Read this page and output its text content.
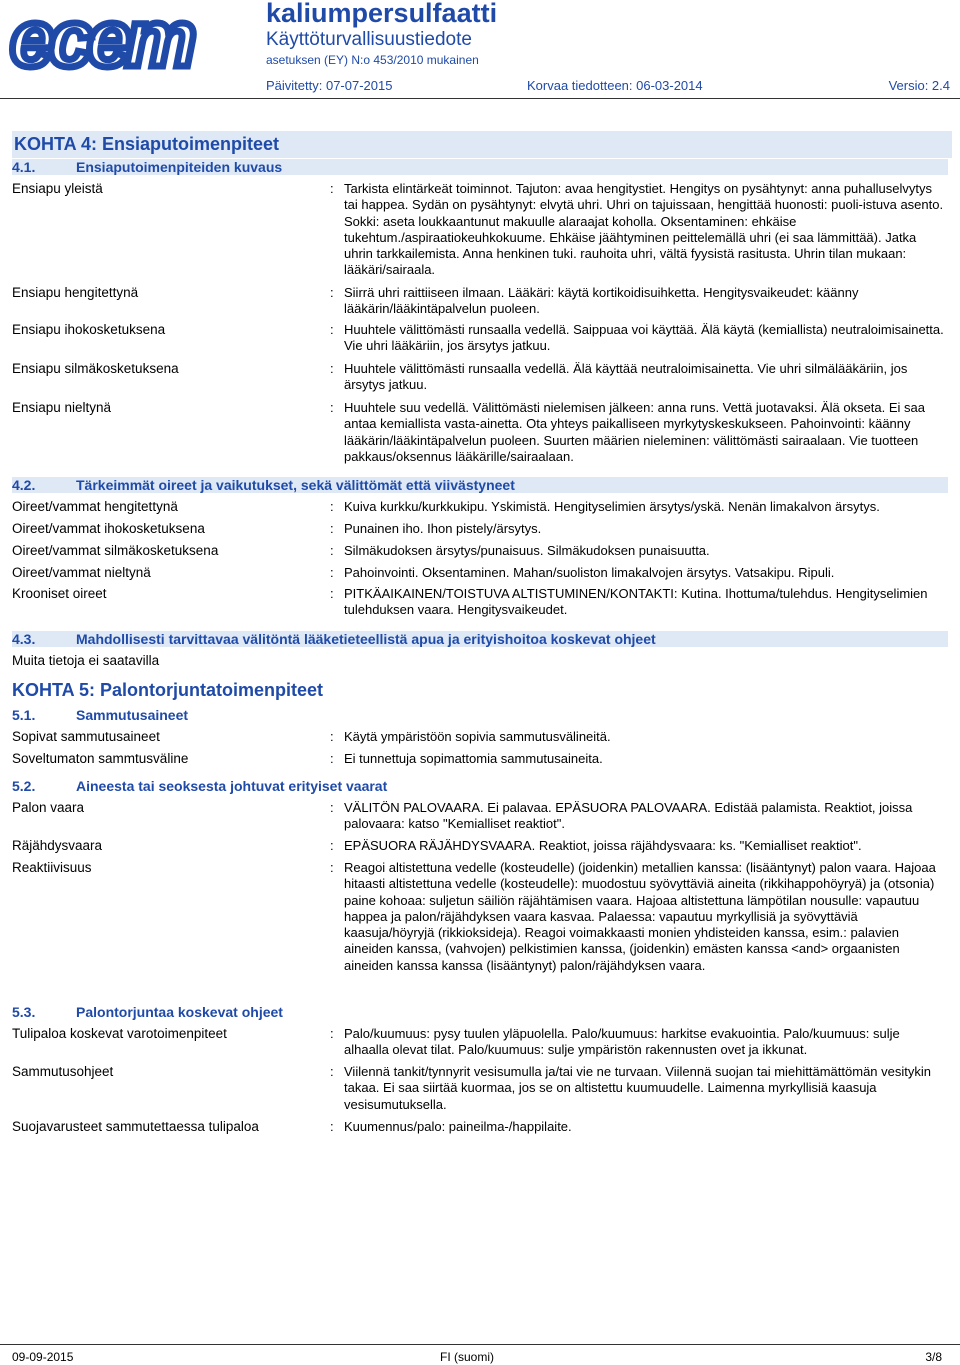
ecem	kaliumpersulfaatti
Käyttöturvallisuustiedote
asetuksen (EY) N:o 453/2010 mukainen
Päivitetty: 07-07-2015	Korvaa tiedotteen: 06-03-2014	Versio: 2.4
KOHTA 4: Ensiaputoimenpiteet
4.1.	Ensiaputoimenpiteiden kuvaus
Ensiapu yleistä	: Tarkista elintärkeät toiminnot. Tajuton: avaa hengitystiet. Hengitys on pysähtynyt: anna puhalluselvytys tai happea. Sydän on pysähtynyt: elvytä uhri. Uhri on tajuissaan, hengittää huonosti: puoli-istuva asento. Sokki: aseta loukkaantunut makuulle alaraajat koholla. Oksentaminen: ehkäise tukehtum./aspiraatiokeuhkokuume. Ehkäise jäähtyminen peittelemällä uhri (ei saa lämmittää). Jatka uhrin tarkkailemista. Anna henkinen tuki. rauhoita uhri, vältä fyysistä rasitusta. Uhrin tilan mukaan: lääkäri/sairaala.
Ensiapu hengitettynä	: Siirrä uhri raittiiseen ilmaan. Lääkäri: käytä kortikoidisuihketta. Hengitysvaikeudet: käänny lääkärin/lääkintäpalvelun puoleen.
Ensiapu ihokosketuksena	: Huuhtele välittömästi runsaalla vedellä. Saippuaa voi käyttää. Älä käytä (kemiallista) neutraloimisainetta. Vie uhri lääkäriin, jos ärsytys jatkuu.
Ensiapu silmäkosketuksena	: Huuhtele välittömästi runsaalla vedellä. Älä käyttää neutraloimisainetta. Vie uhri silmälääkäriin, jos ärsytys jatkuu.
Ensiapu nieltynä	: Huuhtele suu vedellä. Välittömästi nielemisen jälkeen: anna runs. Vettä juotavaksi. Älä okseta. Ei saa antaa kemiallista vasta-ainetta. Ota yhteys paikalliseen myrkytyskeskukseen. Pahoinvointi: käänny lääkärin/lääkintäpalvelun puoleen. Suurten määrien nieleminen: välittömästi sairaalaan. Vie tuotteen pakkaus/oksennus lääkärille/sairaalaan.
4.2.	Tärkeimmät oireet ja vaikutukset, sekä välittömät että viivästyneet
Oireet/vammat hengitettynä	: Kuiva kurkku/kurkkukipu. Yskimistä. Hengityselimien ärsytys/yskä. Nenän limakalvon ärsytys.
Oireet/vammat ihokosketuksena	: Punainen iho. Ihon pistely/ärsytys.
Oireet/vammat silmäkosketuksena	: Silmäkudoksen ärsytys/punaisuus. Silmäkudoksen punaisuutta.
Oireet/vammat nieltynä	: Pahoinvointi. Oksentaminen. Mahan/suoliston limakalvojen ärsytys. Vatsakipu. Ripuli.
Krooniset oireet	: PITKÄAIKAINEN/TOISTUVA ALTISTUMINEN/KONTAKTI: Kutina. Ihottuma/tulehdus. Hengityselimien tulehduksen vaara. Hengitysvaikeudet.
4.3.	Mahdollisesti tarvittavaa välitöntä lääketieteellistä apua ja erityishoitoa koskevat ohjeet
Muita tietoja ei saatavilla
KOHTA 5: Palontorjuntatoimenpiteet
5.1.	Sammutusaineet
Sopivat sammutusaineet	: Käytä ympäristöön sopivia sammutusvälineitä.
Soveltumaton sammtusväline	: Ei tunnettuja sopimattomia sammutusaineita.
5.2.	Aineesta tai seoksesta johtuvat erityiset vaarat
Palon vaara	: VÄLITÖN PALOVAARA. Ei palavaa. EPÄSUORA PALOVAARA. Edistää palamista. Reaktiot, joissa palovaara: katso "Kemialliset reaktiot".
Räjähdysvaara	: EPÄSUORA RÄJÄHDYSVAARA. Reaktiot, joissa räjähdysvaara: ks. "Kemialliset reaktiot".
Reaktiivisuus	: Reagoi altistettuna vedelle (kosteudelle) (joidenkin) metallien kanssa: (lisääntynyt) palon vaara. Hajoaa hitaasti altistettuna vedelle (kosteudelle): muodostuu syövyttäviä aineita (rikkihappohöyryä) ja (otsonia) paine kohoaa: suljetun säiliön räjähtämisen vaara. Hajoaa altistettuna lämpötilan nousulle: vapautuu happea ja palon/räjähdyksen vaara kasvaa. Palaessa: vapautuu myrkyllisiä ja syövyttäviä kaasuja/höyryjä (rikkioksideja). Reagoi voimakkaasti monien yhdisteiden kanssa, esim.: palavien aineiden kanssa, (vahvojen) pelkistimien kanssa, (joidenkin) emästen kanssa <and> orgaanisten aineiden kanssa kanssa (lisääntynyt) palon/räjähdyksen vaara.
5.3.	Palontorjuntaa koskevat ohjeet
Tulipaloa koskevat varotoimenpiteet	: Palo/kuumuus: pysy tuulen yläpuolella. Palo/kuumuus: harkitse evakuointia. Palo/kuumuus: sulje alhaalla olevat tilat. Palo/kuumuus: sulje ympäristön rakennusten ovet ja ikkunat.
Sammutusohjeet	: Viilennä tankit/tynnyrit vesisumulla ja/tai vie ne turvaan. Viilennä suojan tai miehittämättömän vesitykin takaa. Ei saa siirtää kuormaa, jos se on altistettu kuumuudelle. Laimenna myrkyllisiä kaasuja vesisumutuksella.
Suojavarusteet sammutettaessa tulipaloa	: Kuumennus/palo: paineilma-/happilaite.
09-09-2015	FI (suomi)	3/8
